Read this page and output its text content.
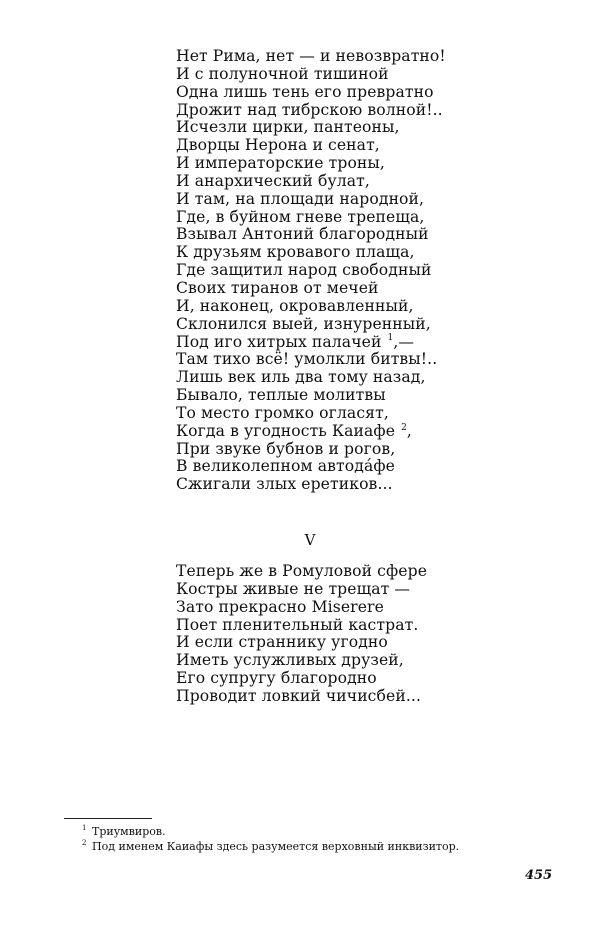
Нет Рима, нет — и невозвратно!
И с полуночной тишиной
Одна лишь тень его превратно
Дрожит над тибрскою волной!..
Исчезли цирки, пантеоны,
Дворцы Нерона и сенат,
И императорские троны,
И анархический булат,
И там, на площади народной,
Где, в буйном гневе трепеща,
Взывал Антоний благородный
К друзьям кровавого плаща,
Где защитил народ свободный
Своих тиранов от мечей
И, наконец, окровавленный,
Склонился выей, изнуренный,
Под иго хитрых палачей $^1$,—
Там тихо всё! умолкли битвы!..
Лишь век иль два тому назад,
Бывало, теплые молитвы
То место громко огласят,
Когда в угодность Каиафе $^2$,
При звуке бубнов и рогов,
В великолепном автодáфе
Сжигали злых еретиков...
V
Теперь же в Ромуловой сфере
Костры живые не трещат —
Зато прекрасно Miserere
Поет пленительный кастрат.
И если страннику угодно
Иметь услужливых друзей,
Его супругу благородно
Проводит ловкий чичисбей...
1 Триумвиров.
2 Под именем Каиафы здесь разумеется верховный инквизитор.
455
